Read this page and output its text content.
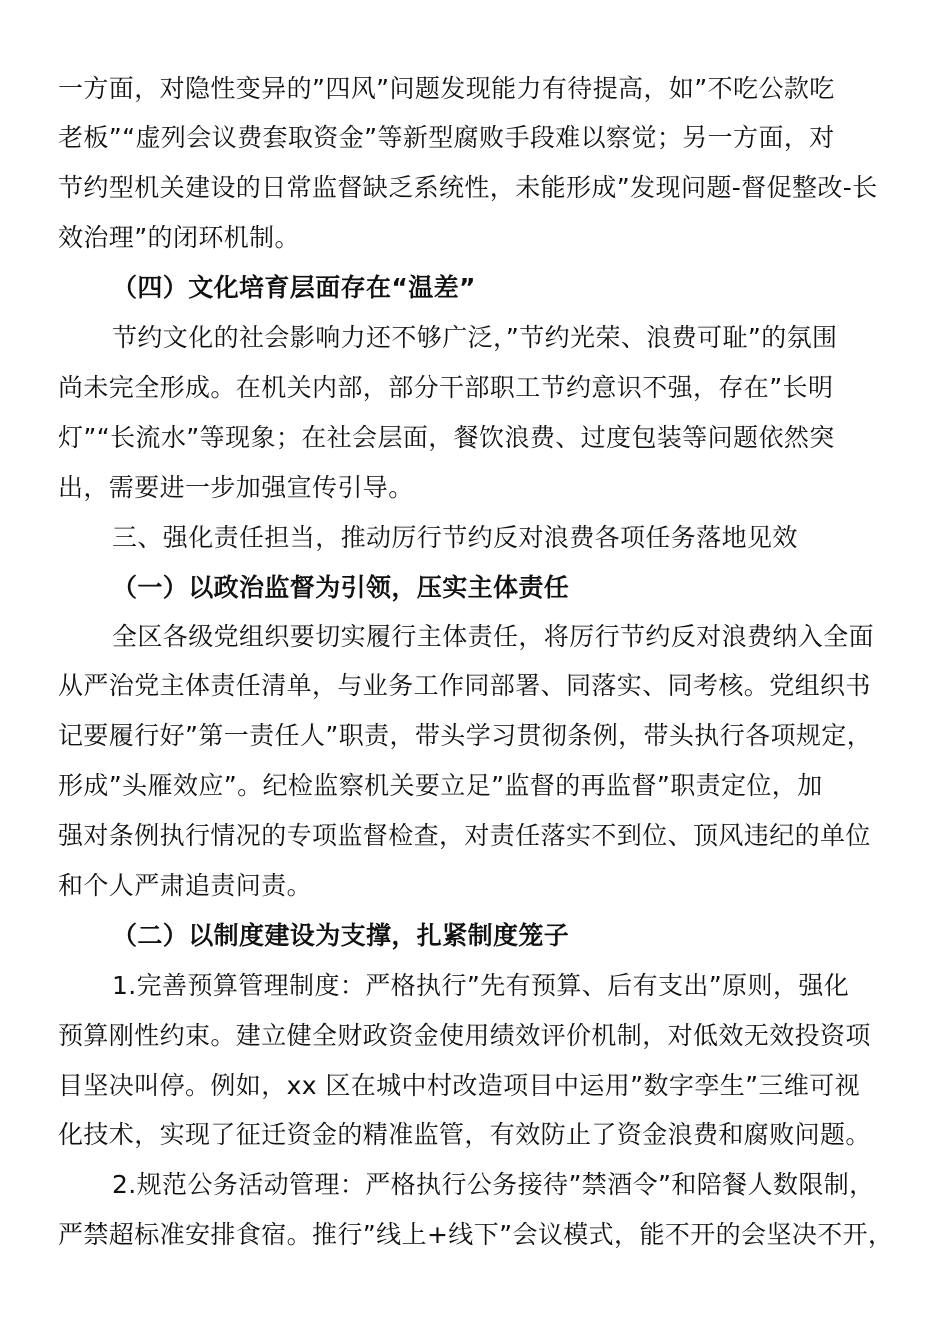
一方面，对隐性变异的”四风”问题发现能力有待提高，如”不吃公款吃
老板”“虚列会议费套取资金”等新型腐败手段难以察觉；另一方面，对
节约型机关建设的日常监督缺乏系统性，未能形成”发现问题-督促整改-长
效治理”的闭环机制。
（四）文化培育层面存在“温差”
节约文化的社会影响力还不够广泛，”节约光荣、浪费可耻”的氛围
尚未完全形成。在机关内部，部分干部职工节约意识不强，存在”长明
灯”“长流水”等现象；在社会层面，餐饮浪费、过度包装等问题依然突
出，需要进一步加强宣传引导。
三、强化责任担当，推动厉行节约反对浪费各项任务落地见效
（一）以政治监督为引领，压实主体责任
全区各级党组织要切实履行主体责任，将厉行节约反对浪费纳入全面
从严治党主体责任清单，与业务工作同部署、同落实、同考核。党组织书
记要履行好”第一责任人”职责，带头学习贯彻条例，带头执行各项规定，
形成”头雁效应”。纪检监察机关要立足”监督的再监督”职责定位，加
强对条例执行情况的专项监督检查，对责任落实不到位、顶风违纪的单位
和个人严肃追责问责。
（二）以制度建设为支撑，扎紧制度笼子
1.完善预算管理制度：严格执行”先有预算、后有支出”原则，强化
预算刚性约束。建立健全财政资金使用绩效评价机制，对低效无效投资项
目坚决叫停。例如，xx 区在城中村改造项目中运用”数字孪生”三维可视
化技术，实现了征迁资金的精准监管，有效防止了资金浪费和腐败问题。
2.规范公务活动管理：严格执行公务接待”禁酒令”和陪餐人数限制，
严禁超标准安排食宿。推行”线上+线下”会议模式，能不开的会坚决不开，
